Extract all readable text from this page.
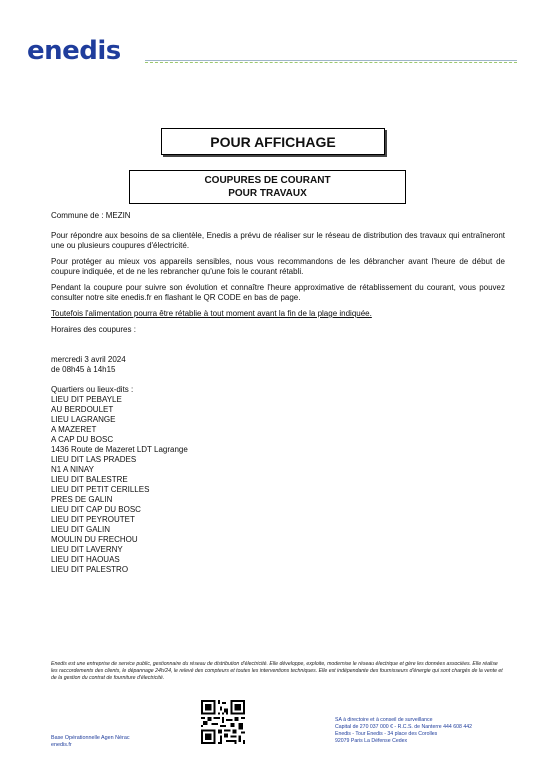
enedis
POUR AFFICHAGE
COUPURES DE COURANT
POUR TRAVAUX

Commune de : MEZIN

Pour répondre aux besoins de sa clientèle, Enedis a prévu de réaliser sur le réseau de distribution des travaux qui entraîneront une ou plusieurs coupures d'électricité.

Pour protéger au mieux vos appareils sensibles, nous vous recommandons de les débrancher avant l'heure de début de coupure indiquée, et de ne les rebrancher qu'une fois le courant rétabli.

Pendant la coupure pour suivre son évolution et connaître l'heure approximative de rétablissement du courant, vous pouvez consulter notre site enedis.fr en flashant le QR CODE en bas de page.

Toutefois l'alimentation pourra être rétablie à tout moment avant la fin de la plage indiquée.

Horaires des coupures :

mercredi 3 avril 2024

de 08h45 à 14h15

Quartiers ou lieux-dits :

LIEU DIT PEBAYLE
AU BERDOULET
LIEU LAGRANGE
A MAZERET
A CAP DU BOSC
1436 Route de Mazeret LDT Lagrange
LIEU DIT LAS PRADES
N1 A NINAY
LIEU DIT BALESTRE
LIEU DIT PETIT CERILLES
PRES DE GALIN
LIEU DIT CAP DU BOSC
LIEU DIT PEYROUTET
LIEU DIT GALIN
MOULIN DU FRECHOU
LIEU DIT LAVERNY
LIEU DIT HAOUAS
LIEU DIT PALESTRO
Enedis est une entreprise de service public, gestionnaire du réseau de distribution d'électricité. Elle développe, exploite, modernise le réseau électrique et gère les données associées. Elle réalise les raccordements des clients, le dépannage 24h/24, le relevé des compteurs et toutes les interventions techniques. Elle est indépendante des fournisseurs d'énergie qui sont chargés de la vente et de la gestion du contrat de fourniture d'électricité.
Base Opérationnelle Agen Nérac
enedis.fr
SA à directoire et à conseil de surveillance
Capital de 270 037 000 € - R.C.S. de Nanterre 444 608 442
Enedis - Tour Enedis - 34 place des Corolles
92079 Paris La Défense Cedex
